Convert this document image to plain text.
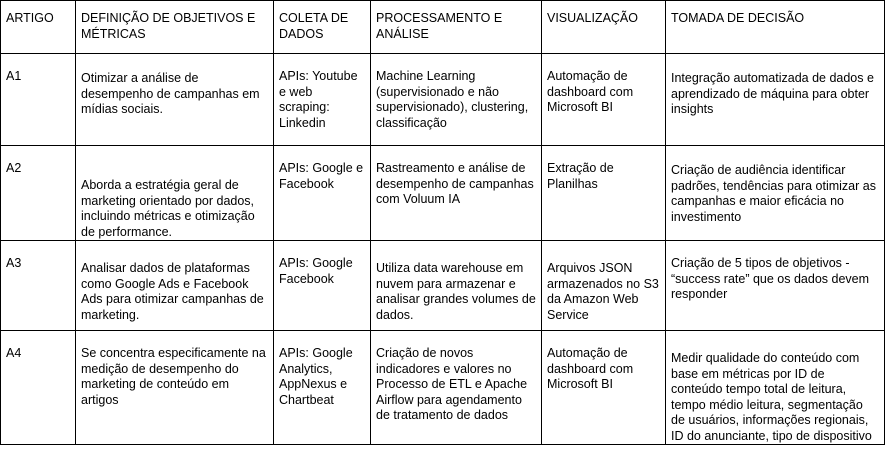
ARTIGO	DEFINIÇÃO DE OBJETIVOS E MÉTRICAS	COLETA DE DADOS	PROCESSAMENTO E ANÁLISE	VISUALIZAÇÃO	TOMADA DE DECISÃO
A1	Otimizar a análise de desempenho de campanhas em mídias sociais.	APIs: Youtube e web scraping: Linkedin	Machine Learning (supervisionado e não supervisionado), clustering, classificação	Automação de dashboard com Microsoft BI	Integração automatizada de dados e aprendizado de máquina para obter insights
A2	Aborda a estratégia geral de marketing orientado por dados, incluindo métricas e otimização de performance.	APIs: Google e Facebook	Rastreamento e análise de desempenho de campanhas com Voluum IA	Extração de Planilhas	Criação de audiência identificar padrões, tendências para otimizar as campanhas e maior eficácia no investimento
A3	Analisar dados de plataformas como Google Ads e Facebook Ads para otimizar campanhas de marketing.	APIs: Google Facebook	Utiliza data warehouse em nuvem para armazenar e analisar grandes volumes de dados.	Arquivos JSON armazenados no S3 da Amazon Web Service	Criação de 5 tipos de objetivos - “success rate” que os dados devem responder
A4	Se concentra especificamente na medição de desempenho do marketing de conteúdo em artigos	APIs: Google Analytics, AppNexus e Chartbeat	Criação de novos indicadores e valores no Processo de ETL e Apache Airflow para agendamento de tratamento de dados	Automação de dashboard com Microsoft BI	Medir qualidade do conteúdo com base em métricas por ID de conteúdo tempo total de leitura, tempo médio leitura, segmentação de usuários, informações regionais, ID do anunciante, tipo de dispositivo
